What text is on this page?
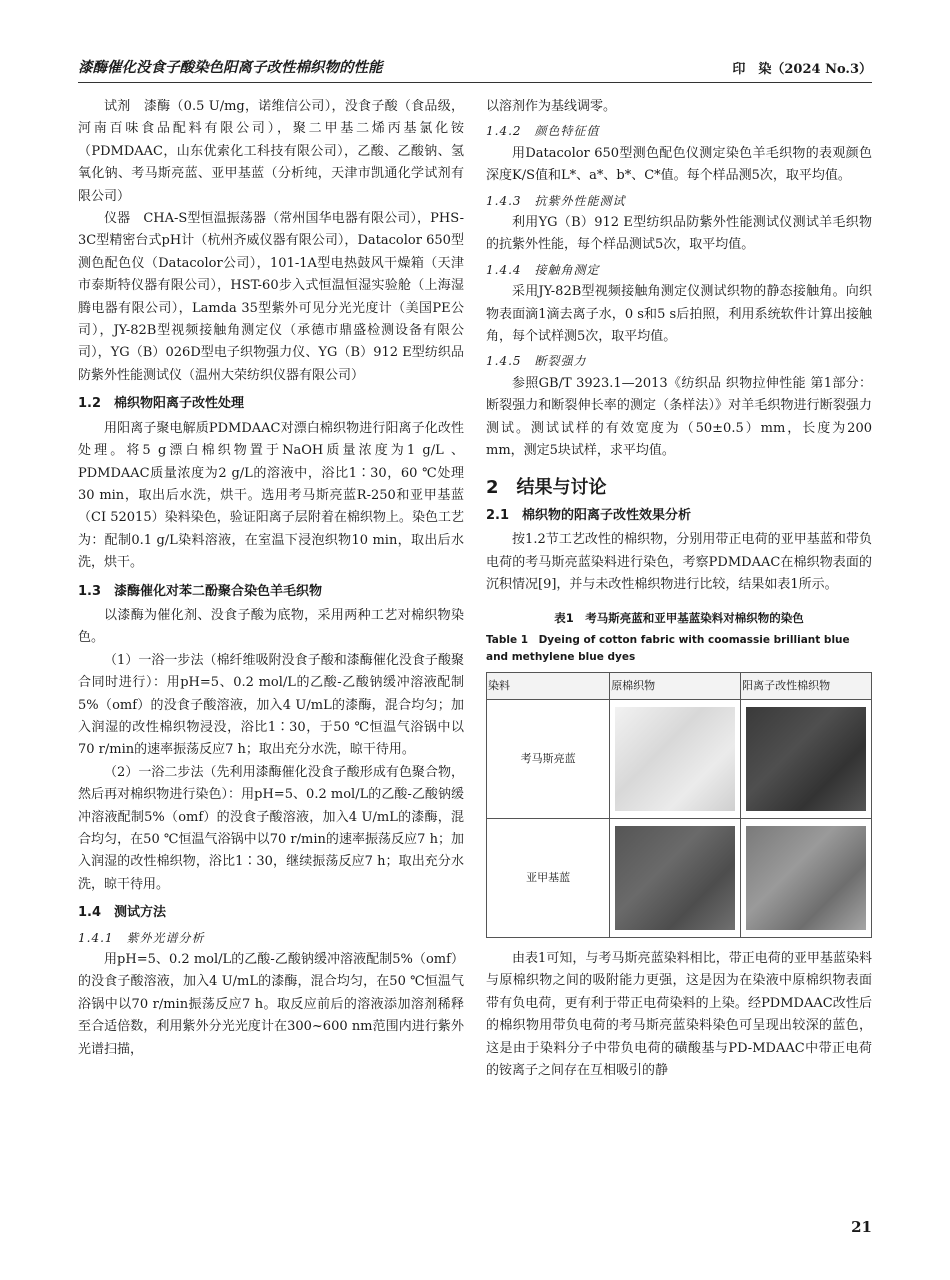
漆酶催化没食子酸染色阳离子改性棉织物的性能	印　染（2024 No.3）

试剂　漆酶（0.5 U/mg，诺维信公司），没食子酸（食品级，河南百味食品配料有限公司），聚二甲基二烯丙基氯化铵（PDMDAAC，山东优索化工科技有限公司），乙酸、乙酸钠、氢氧化钠、考马斯亮蓝、亚甲基蓝（分析纯，天津市凯通化学试剂有限公司）

仪器　CHA-S型恒温振荡器（常州国华电器有限公司），PHS-3C型精密台式pH计（杭州齐威仪器有限公司），Datacolor 650型测色配色仪（Datacolor公司），101-1A型电热鼓风干燥箱（天津市泰斯特仪器有限公司），HST-60步入式恒温恒湿实验舱（上海湿腾电器有限公司），Lamda 35型紫外可见分光光度计（美国PE公司），JY-82B型视频接触角测定仪（承德市鼎盛检测设备有限公司），YG（B）026D型电子织物强力仪、YG（B）912 E型纺织品防紫外性能测试仪（温州大荣纺织仪器有限公司）

1.2　棉织物阳离子改性处理

用阳离子聚电解质PDMDAAC对漂白棉织物进行阳离子化改性处理。将5 g漂白棉织物置于NaOH质量浓度为1 g/L 、PDMDAAC质量浓度为2 g/L的溶液中，浴比1∶30，60 ℃处理30 min，取出后水洗，烘干。选用考马斯亮蓝R-250和亚甲基蓝（CI 52015）染料染色，验证阳离子层附着在棉织物上。染色工艺为：配制0.1 g/L染料溶液，在室温下浸泡织物10 min，取出后水洗，烘干。

1.3　漆酶催化对苯二酚聚合染色羊毛织物

以漆酶为催化剂、没食子酸为底物，采用两种工艺对棉织物染色。

（1）一浴一步法（棉纤维吸附没食子酸和漆酶催化没食子酸聚合同时进行）：用pH=5、0.2 mol/L的乙酸-乙酸钠缓冲溶液配制5%（omf）的没食子酸溶液，加入4 U/mL的漆酶，混合均匀；加入润湿的改性棉织物浸没，浴比1∶30，于50 ℃恒温气浴锅中以70 r/min的速率振荡反应7 h；取出充分水洗，晾干待用。

（2）一浴二步法（先利用漆酶催化没食子酸形成有色聚合物，然后再对棉织物进行染色）：用pH=5、0.2 mol/L的乙酸-乙酸钠缓冲溶液配制5%（omf）的没食子酸溶液，加入4 U/mL的漆酶，混合均匀，在50 ℃恒温气浴锅中以70 r/min的速率振荡反应7 h；加入润湿的改性棉织物，浴比1∶30，继续振荡反应7 h；取出充分水洗，晾干待用。

1.4　测试方法
1.4.1　紫外光谱分析

用pH=5、0.2 mol/L的乙酸-乙酸钠缓冲溶液配制5%（omf）的没食子酸溶液，加入4 U/mL的漆酶，混合均匀，在50 ℃恒温气浴锅中以70 r/min振荡反应7 h。取反应前后的溶液添加溶剂稀释至合适倍数，利用紫外分光光度计在300~600 nm范围内进行紫外光谱扫描，

以溶剂作为基线调零。

1.4.2　颜色特征值

用Datacolor 650型测色配色仪测定染色羊毛织物的表观颜色深度K/S值和L*、a*、b*、C*值。每个样品测5次，取平均值。

1.4.3　抗紫外性能测试

利用YG（B）912 E型纺织品防紫外性能测试仪测试羊毛织物的抗紫外性能，每个样品测试5次，取平均值。

1.4.4　接触角测定

采用JY-82B型视频接触角测定仪测试织物的静态接触角。向织物表面滴1滴去离子水，0 s和5 s后拍照，利用系统软件计算出接触角，每个试样测5次，取平均值。

1.4.5　断裂强力

参照GB/T 3923.1—2013《纺织品 织物拉伸性能 第1部分：断裂强力和断裂伸长率的测定（条样法）》对羊毛织物进行断裂强力测试。测试试样的有效宽度为（50±0.5）mm，长度为200 mm，测定5块试样，求平均值。

2　结果与讨论
2.1　棉织物的阳离子改性效果分析

按1.2节工艺改性的棉织物，分别用带正电荷的亚甲基蓝和带负电荷的考马斯亮蓝染料进行染色，考察PDMDAAC在棉织物表面的沉积情况[9]，并与未改性棉织物进行比较，结果如表1所示。

表1　考马斯亮蓝和亚甲基蓝染料对棉织物的染色
Table 1　Dyeing of cotton fabric with coomassie brilliant blue and methylene blue dyes
染料	原棉织物	阳离子改性棉织物
考马斯亮蓝	

亚甲基蓝	

由表1可知，与考马斯亮蓝染料相比，带正电荷的亚甲基蓝染料与原棉织物之间的吸附能力更强，这是因为在染液中原棉织物表面带有负电荷，更有利于带正电荷染料的上染。经PDMDAAC改性后的棉织物用带负电荷的考马斯亮蓝染料染色可呈现出较深的蓝色，这是由于染料分子中带负电荷的磺酸基与PD-MDAAC中带正电荷的铵离子之间存在互相吸引的静

21
